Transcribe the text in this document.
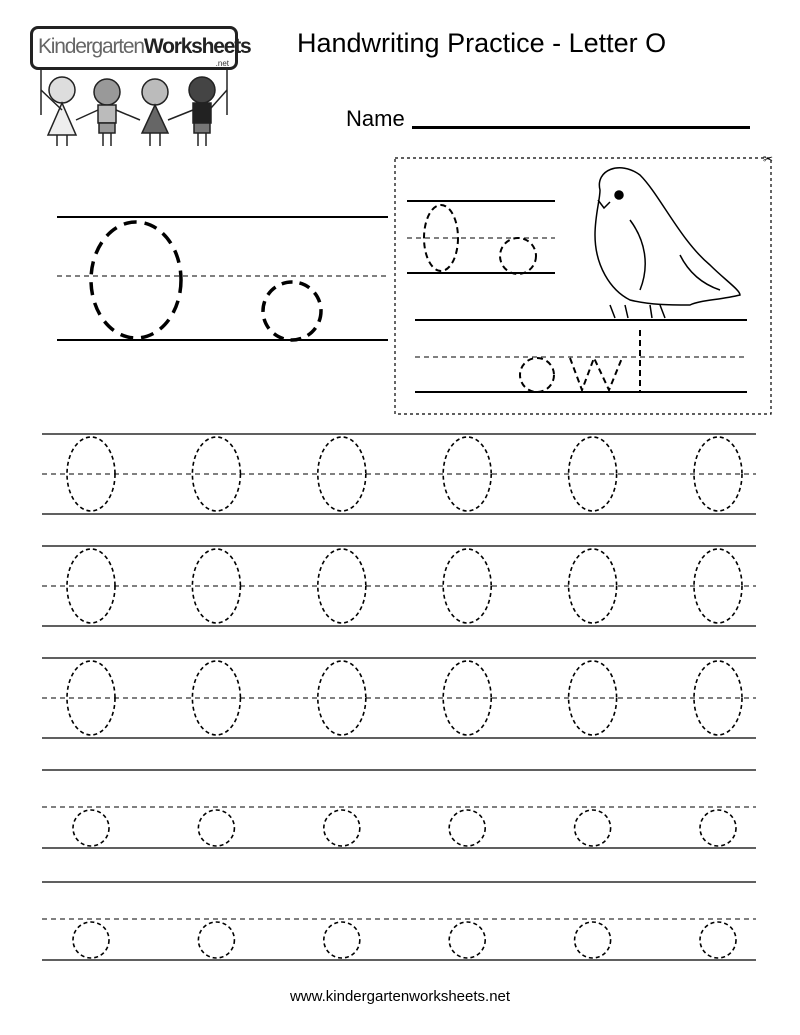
✂
KindergartenWorksheets
.net
Handwriting Practice - Letter O
Name
www.kindergartenworksheets.net
